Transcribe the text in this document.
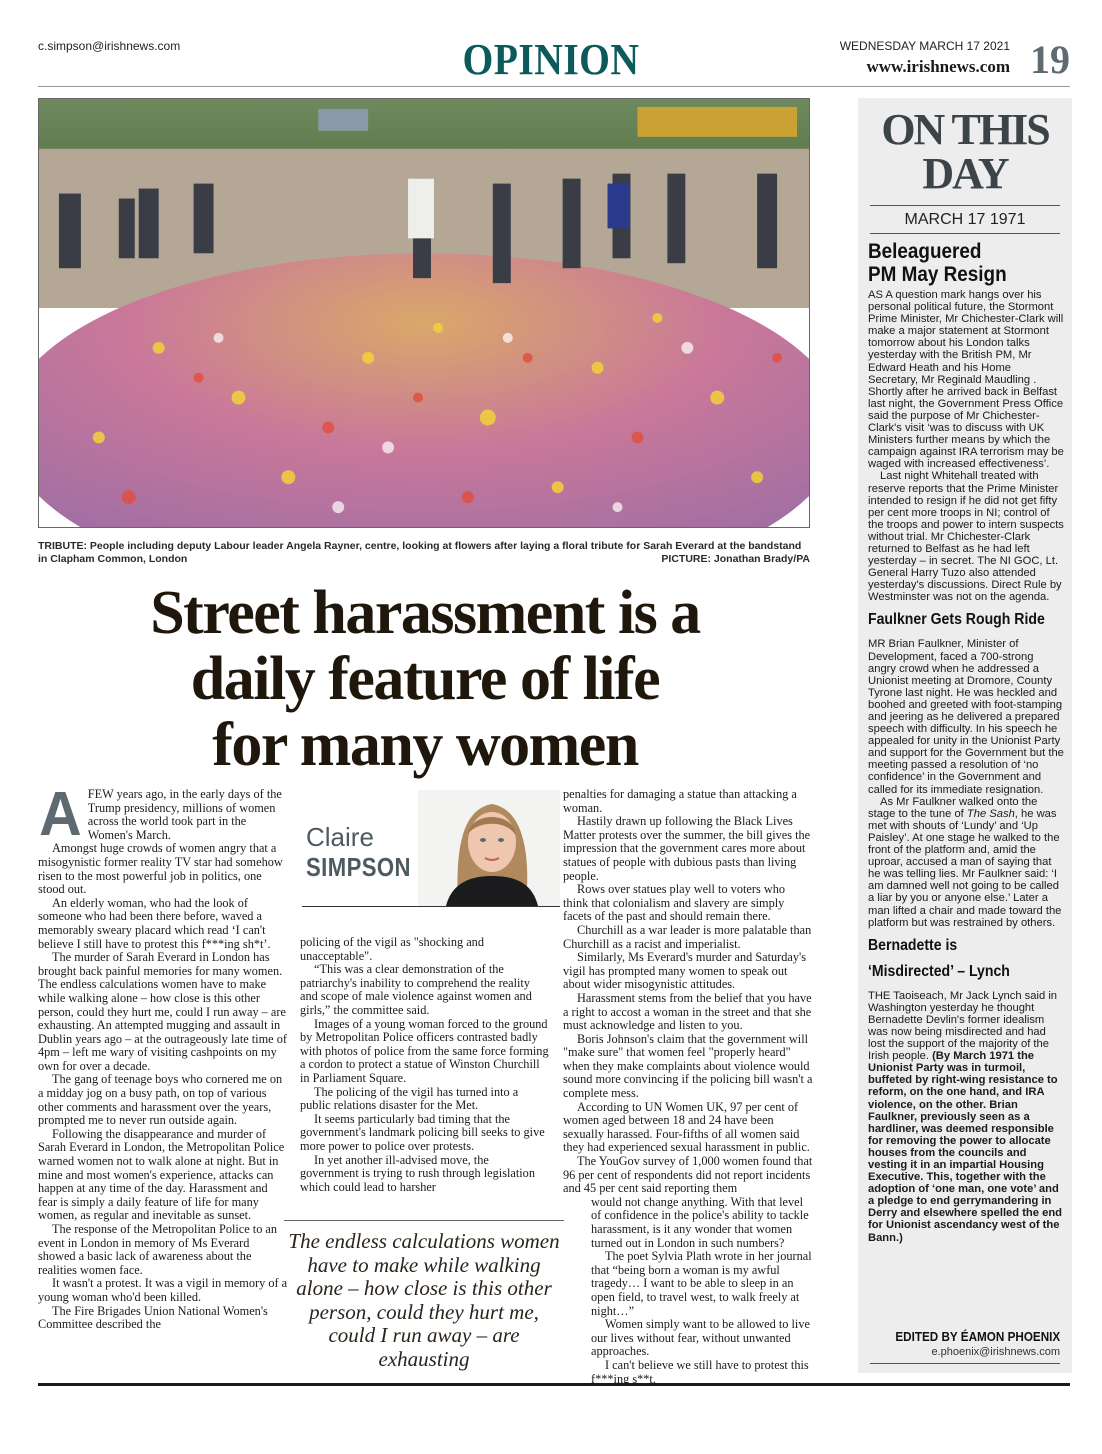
c.simpson@irishnews.com	OPINION	WEDNESDAY MARCH 17 2021
www.irishnews.com 19
TRIBUTE: People including deputy Labour leader Angela Rayner, centre, looking at flowers after laying a floral tribute for Sarah Everard at the bandstand in Clapham Common, London	PICTURE: Jonathan Brady/PA
Street harassment is a
daily feature of life
for many women

AFEW years ago, in the early days of the Trump presidency, millions of women across the world took part in the Women's March.

Amongst huge crowds of women angry that a misogynistic former reality TV star had somehow risen to the most powerful job in politics, one stood out.

An elderly woman, who had the look of someone who had been there before, waved a memorably sweary placard which read ‘I can't believe I still have to protest this f***ing sh*t’.

The murder of Sarah Everard in London has brought back painful memories for many women. The endless calculations women have to make while walking alone – how close is this other person, could they hurt me, could I run away – are exhausting. An attempted mugging and assault in Dublin years ago – at the outrageously late time of 4pm – left me wary of visiting cashpoints on my own for over a decade.

The gang of teenage boys who cornered me on a midday jog on a busy path, on top of various other comments and harassment over the years, prompted me to never run outside again.

Following the disappearance and murder of Sarah Everard in London, the Metropolitan Police warned women not to walk alone at night. But in mine and most women's experience, attacks can happen at any time of the day. Harassment and fear is simply a daily feature of life for many women, as regular and inevitable as sunset.

The response of the Metropolitan Police to an event in London in memory of Ms Everard showed a basic lack of awareness about the realities women face.

It wasn't a protest. It was a vigil in memory of a young woman who'd been killed.

The Fire Brigades Union National Women's Committee described the

Claire
SIMPSON

policing of the vigil as "shocking and unacceptable".

“This was a clear demonstration of the patriarchy's inability to comprehend the reality and scope of male violence against women and girls,” the committee said.

Images of a young woman forced to the ground by Metropolitan Police officers contrasted badly with photos of police from the same force forming a cordon to protect a statue of Winston Churchill in Parliament Square.

The policing of the vigil has turned into a public relations disaster for the Met.

It seems particularly bad timing that the government's landmark policing bill seeks to give more power to police over protests.

In yet another ill-advised move, the government is trying to rush through legislation which could lead to harsher

The endless calculations women have to make while walking alone – how close is this other person, could they hurt me, could I run away – are exhausting

penalties for damaging a statue than attacking a woman.

Hastily drawn up following the Black Lives Matter protests over the summer, the bill gives the impression that the government cares more about statues of people with dubious pasts than living people.

Rows over statues play well to voters who think that colonialism and slavery are simply facets of the past and should remain there.

Churchill as a war leader is more palatable than Churchill as a racist and imperialist.

Similarly, Ms Everard's murder and Saturday's vigil has prompted many women to speak out about wider misogynistic attitudes.

Harassment stems from the belief that you have a right to accost a woman in the street and that she must acknowledge and listen to you.

Boris Johnson's claim that the government will "make sure" that women feel "properly heard" when they make complaints about violence would sound more convincing if the policing bill wasn't a complete mess.

According to UN Women UK, 97 per cent of women aged between 18 and 24 have been sexually harassed. Four-fifths of all women said they had experienced sexual harassment in public.

The YouGov survey of 1,000 women found that 96 per cent of respondents did not report incidents and 45 per cent said reporting them

would not change anything. With that level of confidence in the police's ability to tackle harassment, is it any wonder that women turned out in London in such numbers?

The poet Sylvia Plath wrote in her journal that “being born a woman is my awful tragedy… I want to be able to sleep in an open field, to travel west, to walk freely at night…”

Women simply want to be allowed to live our lives without fear, without unwanted approaches.

I can't believe we still have to protest this f***ing s**t.

ON THIS
DAY
MARCH 17 1971
Beleaguered
PM May Resign

AS A question mark hangs over his personal political future, the Stormont Prime Minister, Mr Chichester-Clark will make a major statement at Stormont tomorrow about his London talks yesterday with the British PM, Mr Edward Heath and his Home Secretary, Mr Reginald Maudling . Shortly after he arrived back in Belfast last night, the Government Press Office said the purpose of Mr Chichester-Clark's visit ‘was to discuss with UK Ministers further means by which the campaign against IRA terrorism may be waged with increased effectiveness’.

Last night Whitehall treated with reserve reports that the Prime Minister intended to resign if he did not get fifty per cent more troops in NI; control of the troops and power to intern suspects without trial. Mr Chichester-Clark returned to Belfast as he had left yesterday – in secret. The NI GOC, Lt. General Harry Tuzo also attended yesterday's discussions. Direct Rule by Westminster was not on the agenda.

Faulkner Gets Rough Ride

MR Brian Faulkner, Minister of Development, faced a 700-strong angry crowd when he addressed a Unionist meeting at Dromore, County Tyrone last night. He was heckled and boohed and greeted with foot-stamping and jeering as he delivered a prepared speech with difficulty. In his speech he appealed for unity in the Unionist Party and support for the Government but the meeting passed a resolution of ‘no confidence’ in the Government and called for its immediate resignation.

As Mr Faulkner walked onto the stage to the tune of The Sash, he was met with shouts of ‘Lundy’ and ‘Up Paisley’. At one stage he walked to the front of the platform and, amid the uproar, accused a man of saying that he was telling lies. Mr Faulkner said: ‘I am damned well not going to be called a liar by you or anyone else.’ Later a man lifted a chair and made toward the platform but was restrained by others.

Bernadette is
‘Misdirected’ – Lynch

THE Taoiseach, Mr Jack Lynch said in Washington yesterday he thought Bernadette Devlin's former idealism was now being misdirected and had lost the support of the majority of the Irish people. (By March 1971 the Unionist Party was in turmoil, buffeted by right-wing resistance to reform, on the one hand, and IRA violence, on the other. Brian Faulkner, previously seen as a hardliner, was deemed responsible for removing the power to allocate houses from the councils and vesting it in an impartial Housing Executive. This, together with the adoption of ‘one man, one vote’ and a pledge to end gerrymandering in Derry and elsewhere spelled the end for Unionist ascendancy west of the Bann.)

EDITED BY ÉAMON PHOENIX
e.phoenix@irishnews.com
